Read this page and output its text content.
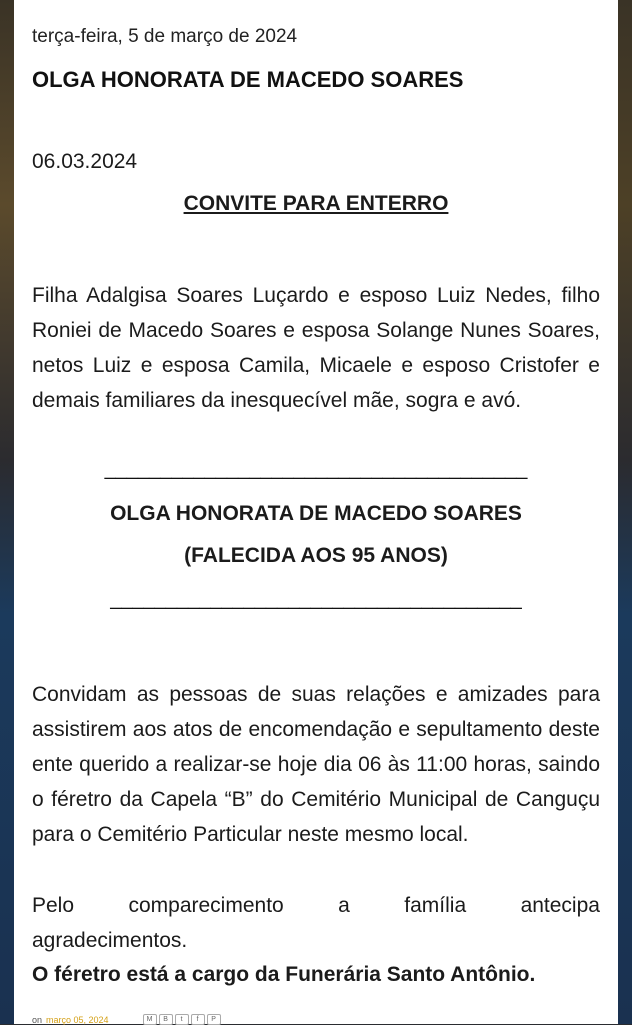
terça-feira, 5 de março de 2024
OLGA HONORATA DE MACEDO SOARES
06.03.2024
CONVITE PARA ENTERRO
Filha Adalgisa Soares Luçardo e esposo Luiz Nedes, filho Roniei de Macedo Soares e esposa Solange Nunes Soares, netos Luiz e esposa Camila, Micaele e esposo Cristofer e demais familiares da inesquecível mãe, sogra e avó.
______________________________________
OLGA HONORATA DE MACEDO SOARES
(FALECIDA AOS 95 ANOS)
_____________________________________
Convidam as pessoas de suas relações e amizades para assistirem aos atos de encomendação e sepultamento deste ente querido a realizar-se hoje dia 06 às 11:00 horas, saindo o féretro da Capela “B” do Cemitério Municipal de Canguçu para o Cemitério Particular neste mesmo local.
Pelo	comparecimento	a	família	antecipa
agradecimentos.
O féretro está a cargo da Funerária Santo Antônio.
on março 05, 2024	M	B	t	f	P
